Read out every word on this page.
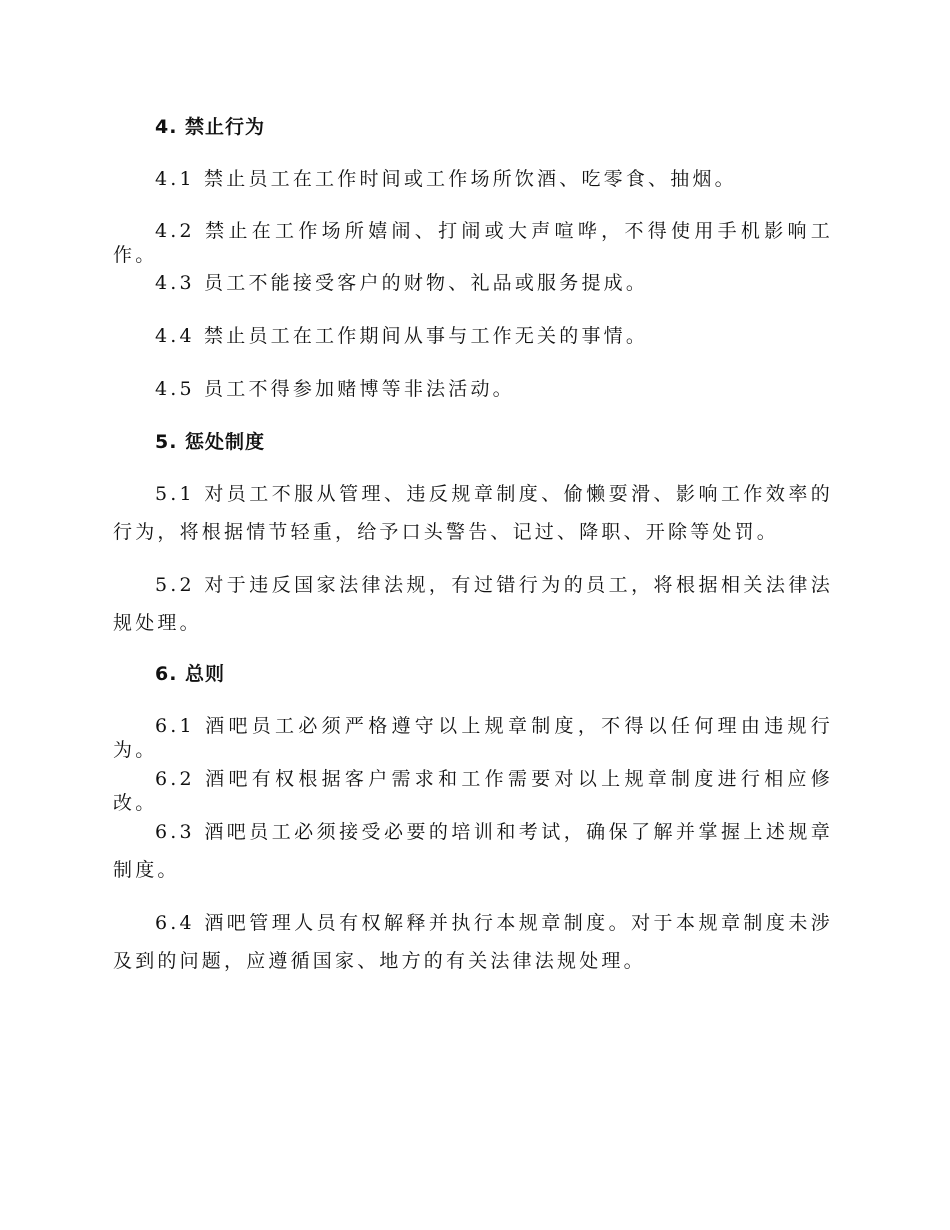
4. 禁止行为
4.1 禁止员工在工作时间或工作场所饮酒、吃零食、抽烟。
4.2 禁止在工作场所嬉闹、打闹或大声喧哗，不得使用手机影响工作。
4.3 员工不能接受客户的财物、礼品或服务提成。
4.4 禁止员工在工作期间从事与工作无关的事情。
4.5 员工不得参加赌博等非法活动。
5. 惩处制度
5.1 对员工不服从管理、违反规章制度、偷懒耍滑、影响工作效率的行为，将根据情节轻重，给予口头警告、记过、降职、开除等处罚。
5.2 对于违反国家法律法规，有过错行为的员工，将根据相关法律法规处理。
6. 总则
6.1 酒吧员工必须严格遵守以上规章制度，不得以任何理由违规行为。
6.2 酒吧有权根据客户需求和工作需要对以上规章制度进行相应修改。
6.3 酒吧员工必须接受必要的培训和考试，确保了解并掌握上述规章制度。
6.4 酒吧管理人员有权解释并执行本规章制度。对于本规章制度未涉及到的问题，应遵循国家、地方的有关法律法规处理。
